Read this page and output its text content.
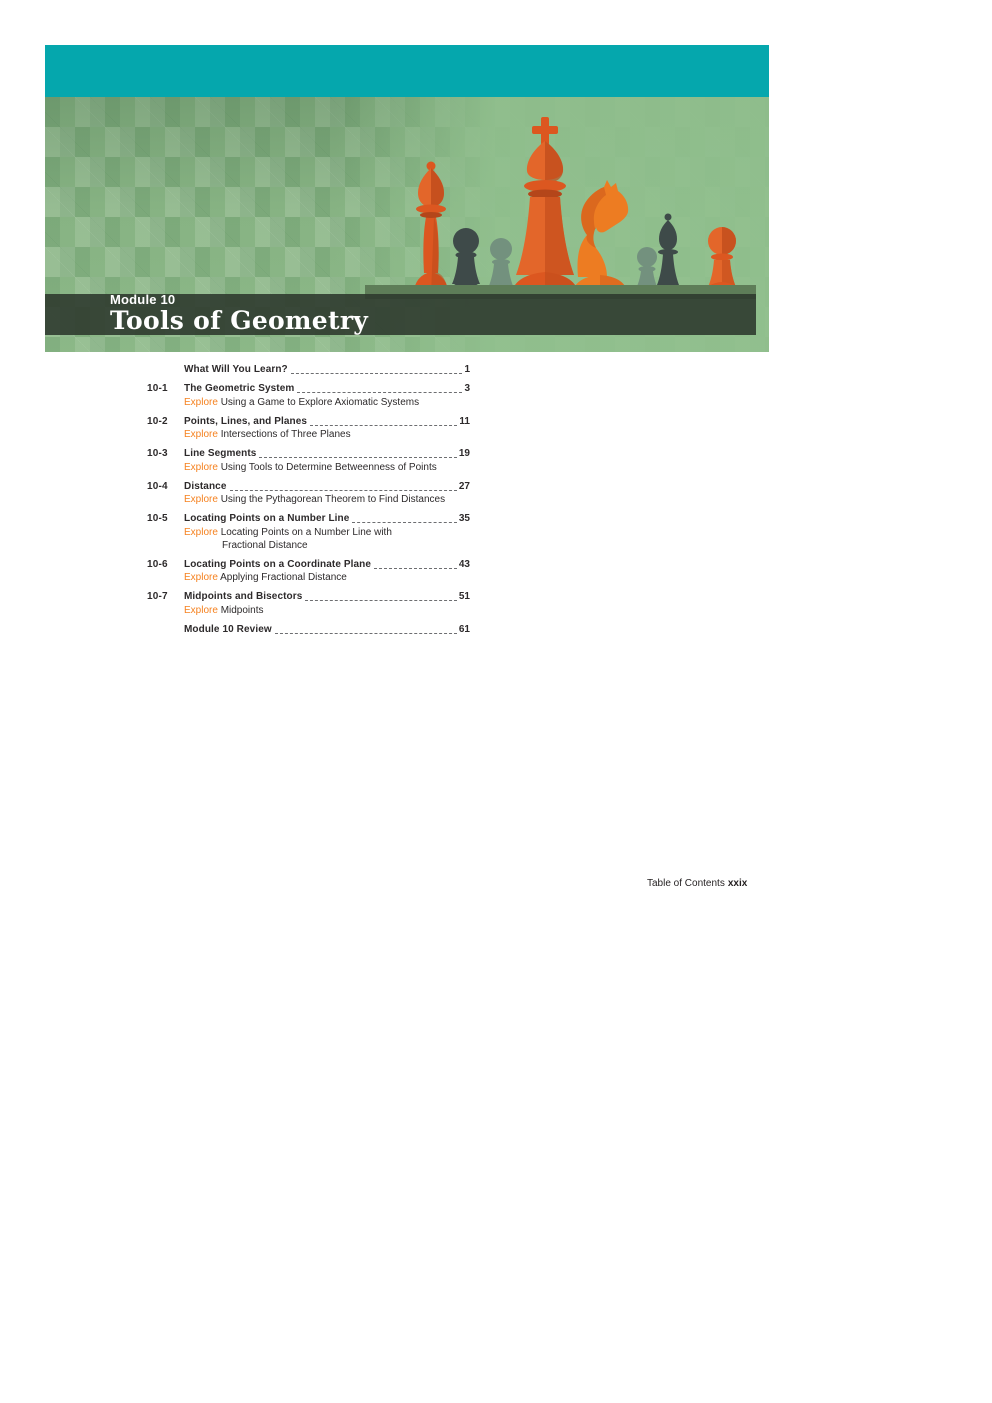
Module 10
Tools of Geometry
What Will You Learn?	1
10-1	The Geometric System	3
Explore Using a Game to Explore Axiomatic Systems
10-2	Points, Lines, and Planes	11
Explore Intersections of Three Planes
10-3	Line Segments	19
Explore Using Tools to Determine Betweenness of Points
10-4	Distance	27
Explore Using the Pythagorean Theorem to Find Distances
10-5	Locating Points on a Number Line	35
Explore Locating Points on a Number Line with
Fractional Distance
10-6	Locating Points on a Coordinate Plane	43
Explore Applying Fractional Distance
10-7	Midpoints and Bisectors	51
Explore Midpoints
Module 10 Review	61
Table of Contents xxix
